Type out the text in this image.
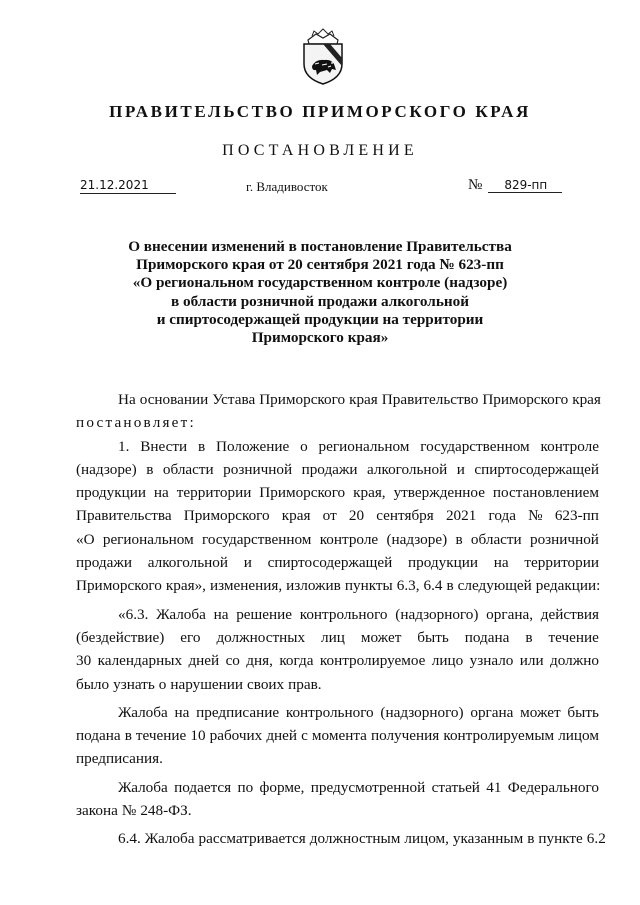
ПРАВИТЕЛЬСТВО ПРИМОРСКОГО КРАЯ
ПОСТАНОВЛЕНИЕ
21.12.2021	г. Владивосток	№ 829-пп
О внесении изменений в постановление Правительства
Приморского края от 20 сентября 2021 года № 623-пп
«О региональном государственном контроле (надзоре)
в области розничной продажи алкогольной
и спиртосодержащей продукции на территории
Приморского края»
На основании Устава Приморского края Правительство Приморского края
постановляет:
1. Внести в Положение о региональном государственном контроле
(надзоре) в области розничной продажи алкогольной и спиртосодержащей
продукции на территории Приморского края, утвержденное постановлением
Правительства Приморского края от 20 сентября 2021 года № 623-пп
«О региональном государственном контроле (надзоре) в области розничной
продажи алкогольной и спиртосодержащей продукции на территории
Приморского края», изменения, изложив пункты 6.3, 6.4 в следующей редакции:
«6.3. Жалоба на решение контрольного (надзорного) органа, действия
(бездействие) его должностных лиц может быть подана в течение
30 календарных дней со дня, когда контролируемое лицо узнало или должно
было узнать о нарушении своих прав.
Жалоба на предписание контрольного (надзорного) органа может быть
подана в течение 10 рабочих дней с момента получения контролируемым лицом
предписания.
Жалоба подается по форме, предусмотренной статьей 41 Федерального
закона № 248-ФЗ.
6.4. Жалоба рассматривается должностным лицом, указанным в пункте 6.2
